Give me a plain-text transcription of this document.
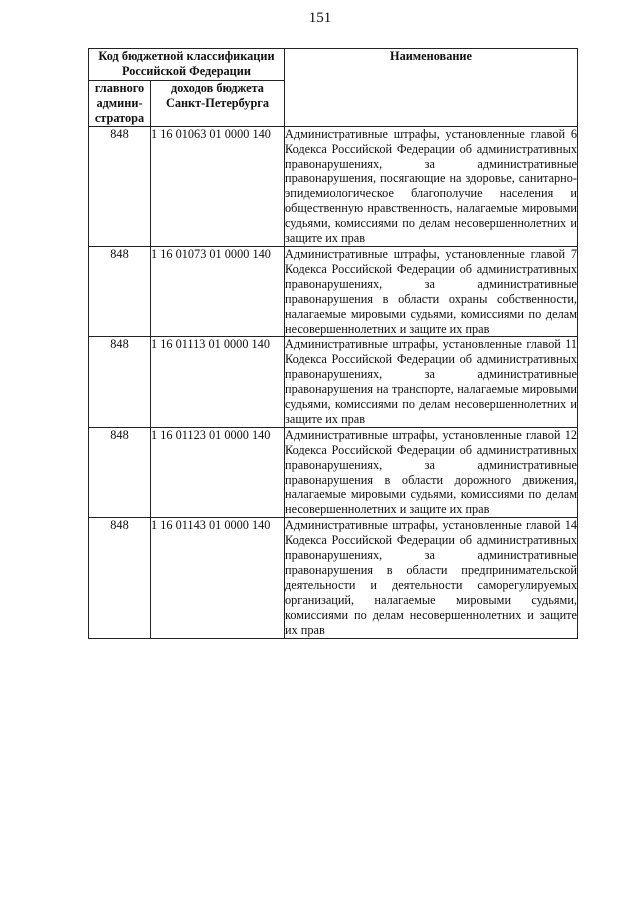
151
Код бюджетной классификации Российской Федерации		Наименование
главного админи-стратора	доходов бюджета Санкт-Петербурга	
848	1 16 01063 01 0000 140	Административные штрафы, установленные главой 6 Кодекса Российской Федерации об административных правонарушениях, за административные правонарушения, посягающие на здоровье, санитарно-эпидемиологическое благополучие населения и общественную нравственность, налагаемые мировыми судьями, комиссиями по делам несовершеннолетних и защите их прав
848	1 16 01073 01 0000 140	Административные штрафы, установленные главой 7 Кодекса Российской Федерации об административных правонарушениях, за административные правонарушения в области охраны собственности, налагаемые мировыми судьями, комиссиями по делам несовершеннолетних и защите их прав
848	1 16 01113 01 0000 140	Административные штрафы, установленные главой 11 Кодекса Российской Федерации об административных правонарушениях, за административные правонарушения на транспорте, налагаемые мировыми судьями, комиссиями по делам несовершеннолетних и защите их прав
848	1 16 01123 01 0000 140	Административные штрафы, установленные главой 12 Кодекса Российской Федерации об административных правонарушениях, за административные правонарушения в области дорожного движения, налагаемые мировыми судьями, комиссиями по делам несовершеннолетних и защите их прав
848	1 16 01143 01 0000 140	Административные штрафы, установленные главой 14 Кодекса Российской Федерации об административных правонарушениях, за административные правонарушения в области предпринимательской деятельности и деятельности саморегулируемых организаций, налагаемые мировыми судьями, комиссиями по делам несовершеннолетних и защите их прав
